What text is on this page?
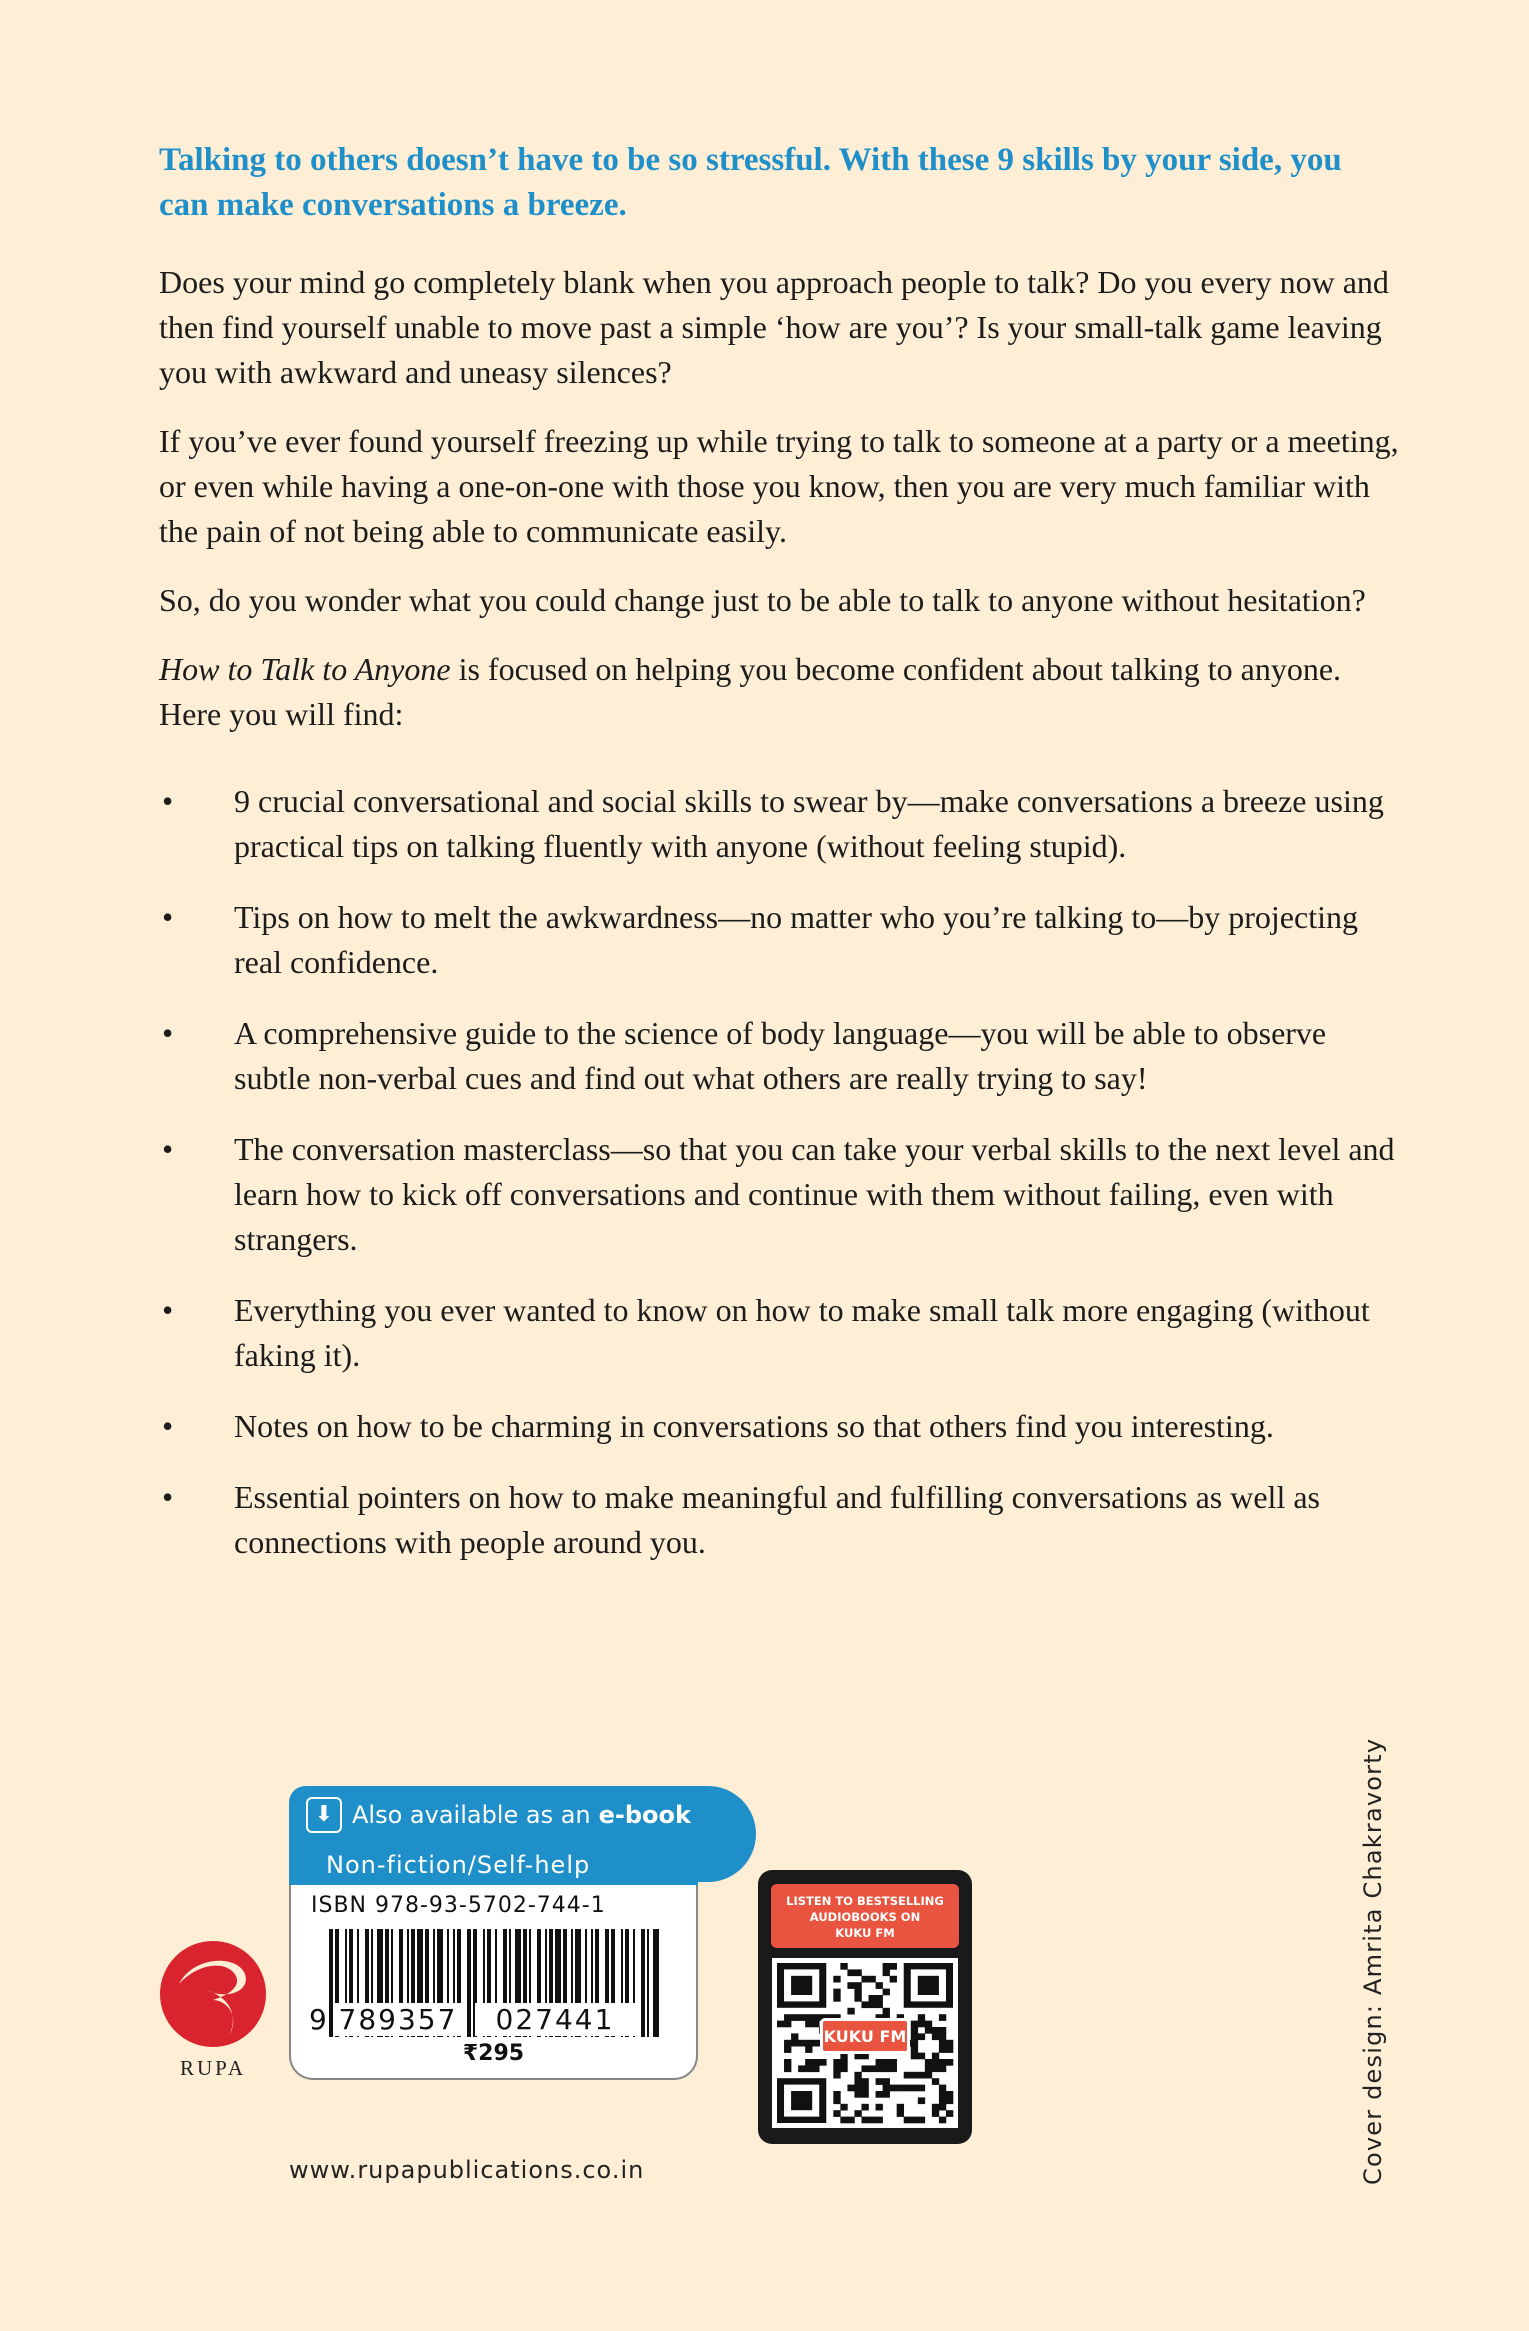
Talking to others doesn’t have to be so stressful. With these 9 skills by your side, you can make conversations a breeze.

Does your mind go completely blank when you approach people to talk? Do you every now and then find yourself unable to move past a simple ‘how are you’? Is your small-talk game leaving you with awkward and uneasy silences?

If you’ve ever found yourself freezing up while trying to talk to someone at a party or a meeting, or even while having a one-on-one with those you know, then you are very much familiar with the pain of not being able to communicate easily.

So, do you wonder what you could change just to be able to talk to anyone without hesitation?

How to Talk to Anyone is focused on helping you become confident about talking to anyone. Here you will find:

• 9 crucial conversational and social skills to swear by—make conversations a breeze using practical tips on talking fluently with anyone (without feeling stupid).
• Tips on how to melt the awkwardness—no matter who you’re talking to—by projecting real confidence.
• A comprehensive guide to the science of body language—you will be able to observe subtle non-verbal cues and find out what others are really trying to say!
• The conversation masterclass—so that you can take your verbal skills to the next level and learn how to kick off conversations and continue with them without failing, even with strangers.
• Everything you ever wanted to know on how to make small talk more engaging (without faking it).
• Notes on how to be charming in conversations so that others find you interesting.
• Essential pointers on how to make meaningful and fulfilling conversations as well as connections with people around you.
RUPA
⬇ Also available as an e-book
Non-fiction/Self-help
ISBN 978-93-5702-744-1
9 789357	027441
₹295
www.rupapublications.co.in
LISTEN TO BESTSELLING
AUDIOBOOKS ON
KUKU FM
KUKU FM	Cover design: Amrita Chakravorty
